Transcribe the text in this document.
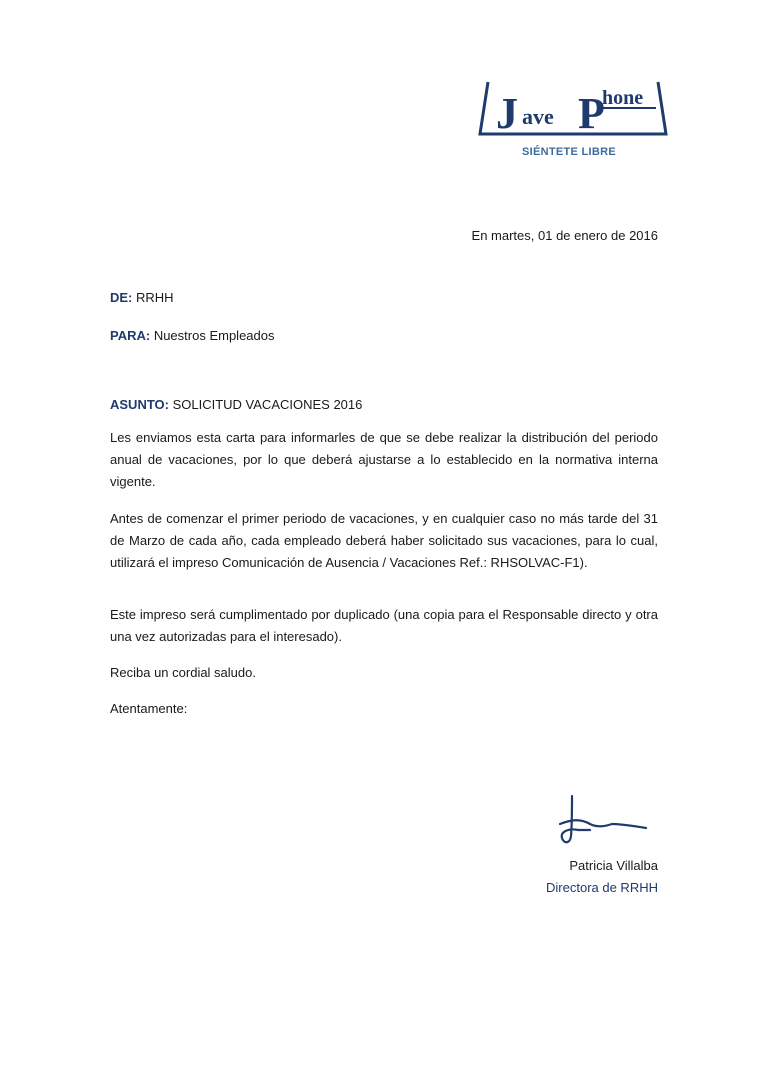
J ave P
hone
SIÉNTETE LIBRE
En martes, 01 de enero de 2016
DE: RRHH
PARA: Nuestros Empleados
ASUNTO: SOLICITUD VACACIONES 2016
Les enviamos esta carta para informarles de que se debe realizar la distribución del periodo anual de vacaciones, por lo que deberá ajustarse a lo establecido en la normativa interna vigente.
Antes de comenzar el primer periodo de vacaciones, y en cualquier caso no más tarde del 31 de Marzo de cada año, cada empleado deberá haber solicitado sus vacaciones, para lo cual, utilizará el impreso Comunicación de Ausencia / Vacaciones Ref.: RHSOLVAC-F1).
Este impreso será cumplimentado por duplicado (una copia para el Responsable directo y otra una vez autorizadas para el interesado).
Reciba un cordial saludo.
Atentamente:
Patricia Villalba
Directora de RRHH
